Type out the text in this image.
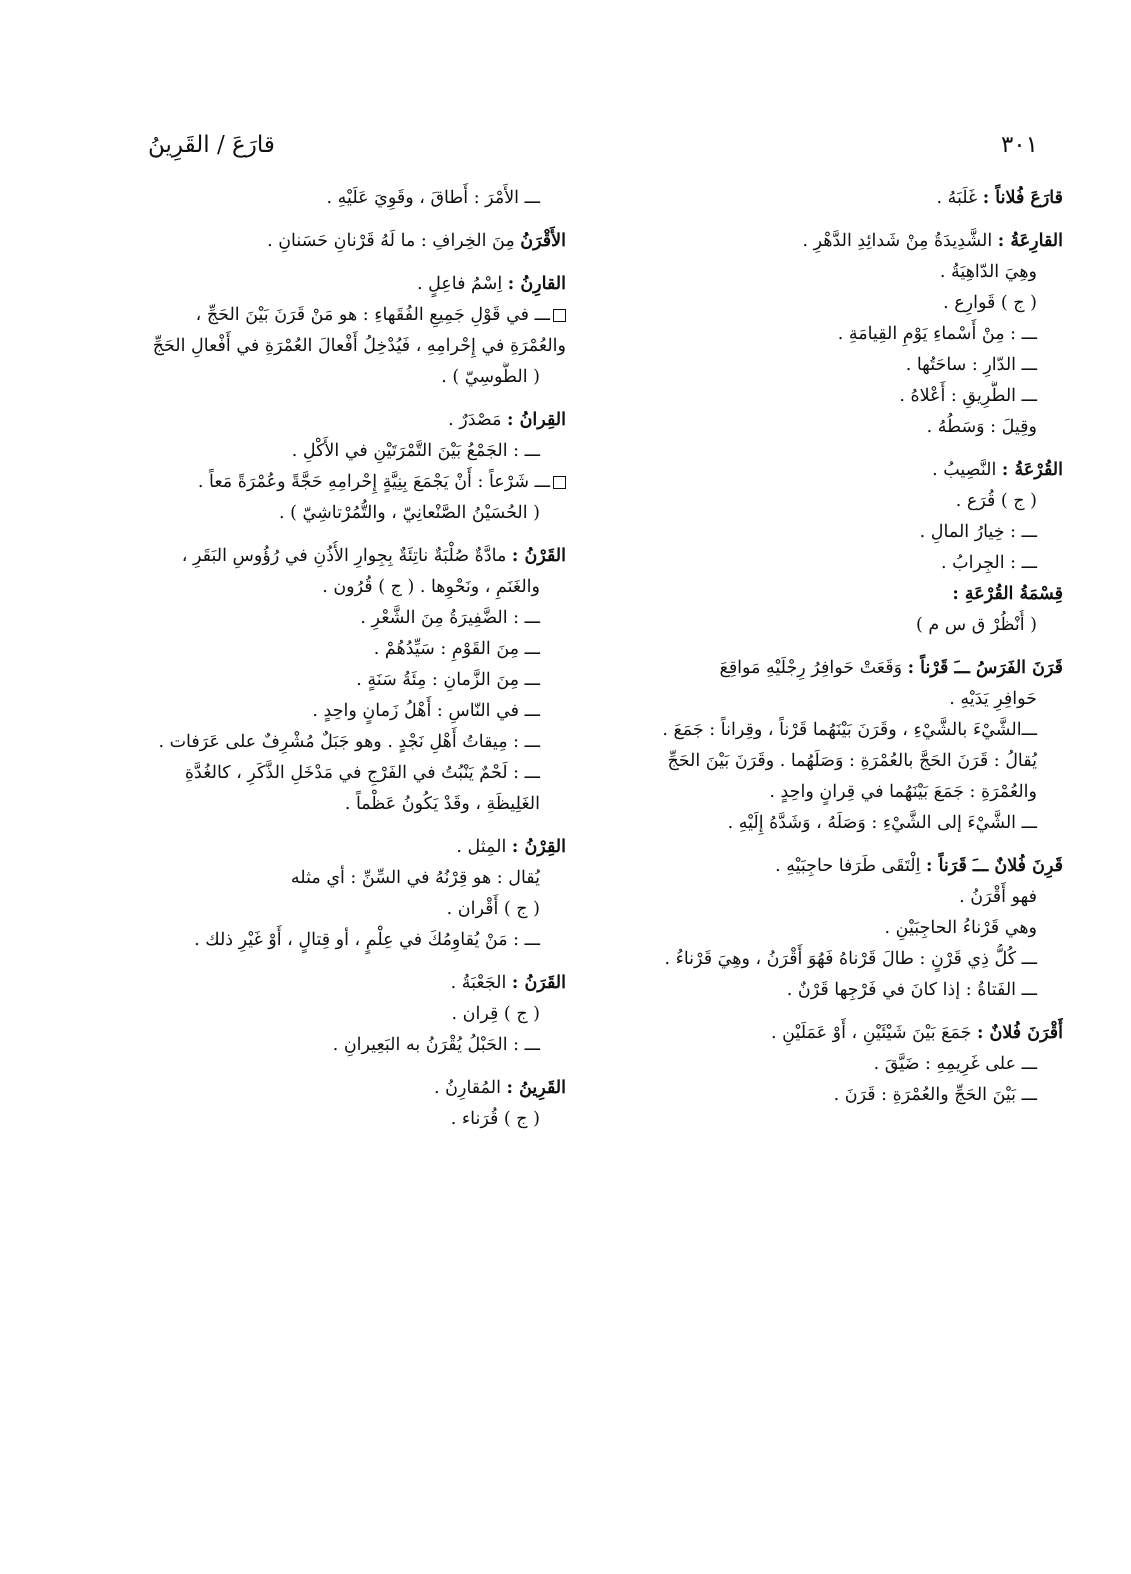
٣٠١
قارَعَ / القَرِينُ
قارَعَ فُلاناً : غَلَبَهُ .
القارِعَةُ : الشَّدِيدَةُ مِنْ شَدائِدِ الدَّهْرِ .
وهِيَ الدّاهِيَةُ .
( ج ) قَوارِع .
ـــ : مِنْ أَسْماءِ يَوْمِ القِيامَةِ .
ـــ الدّارِ : ساحَتُها .
ـــ الطَّرِيقِ : أَعْلاهُ .
وقِيلَ : وَسَطُهُ .
القُرْعَةُ : النَّصِيبُ .
( ج ) قُرَع .
ـــ : خِيارُ المالِ .
ـــ : الجِرابُ .
قِسْمَةُ القُرْعَةِ :
( أُنْظُرْ ق س م )
قَرَنَ الفَرَسُ ـــَ قَرْناً : وَقَعَتْ حَوافِرُ رِجْلَيْهِ مَواقِعَ
حَوافِرِ يَدَيْهِ .
ـــالشَّيْءَ بالشَّيْءِ ، وقَرَنَ بَيْنَهُما قَرْناً ، وقِراناً : جَمَعَ .
يُقالُ : قَرَنَ الحَجَّ بالعُمْرَةِ : وَصَلَهُما . وقَرَنَ بَيْنَ الحَجِّ
والعُمْرَةِ : جَمَعَ بَيْنَهُما في قِرانٍ واحِدٍ .
ـــ الشَّيْءَ إلى الشَّيْءِ : وَصَلَهُ ، وَشَدَّهُ إِلَيْهِ .
قَرِنَ فُلانٌ ـــَ قَرَناً : اِلْتَقَى طَرَفا حاجِبَيْهِ .
فهو أَقْرَنُ .
وهي قَرْناءُ الحاجِبَيْنِ .
ـــ كُلُّ ذِي قَرْنٍ : طالَ قَرْناهُ فَهُوَ أَقْرَنُ ، وهِيَ قَرْناءُ .
ـــ الفَتاةُ : إذا كانَ في فَرْجِها قَرْنٌ .
أَقْرَنَ فُلانٌ : جَمَعَ بَيْنَ شَيْئَيْنِ ، أَوْ عَمَلَيْنِ .
ـــ على غَرِيمِهِ : ضَيَّقَ .
ـــ بَيْنَ الحَجِّ والعُمْرَةِ : قَرَنَ .
ـــ الأَمْرَ : أَطاقَ ، وقَوِيَ عَلَيْهِ .
الأَقْرَنُ مِنَ الخِرافِ : ما لَهُ قَرْنانِ حَسَنانِ .
القارِنُ : اِسْمُ فاعِلٍ .
ـــ في قَوْلِ جَمِيعِ الفُقَهاءِ : هو مَنْ قَرَنَ بَيْنَ الحَجِّ ،
والعُمْرَةِ في إِحْرامِهِ ، فَيُدْخِلُ أَفْعالَ العُمْرَةِ في أَفْعالِ الحَجِّ
( الطُّوسِيّ ) .
القِرانُ : مَصْدَرٌ .
ـــ : الجَمْعُ بَيْنَ التَّمْرَتَيْنِ في الأَكْلِ .
ـــ شَرْعاً : أَنْ يَجْمَعَ بِنِيَّةٍ إِحْرامِهِ حَجَّةً وعُمْرَةً مَعاً .
( الحُسَيْنُ الصَّنْعانِيّ ، والتُّمُرْتاشِيّ ) .
القَرْنُ : مادَّةٌ صُلْبَةٌ ناتِئَةٌ بِجِوارِ الأُذُنِ في رُؤُوسِ البَقَرِ ،
والغَنَمِ ، ونَحْوِها . ( ج ) قُرُون .
ـــ : الضَّفِيرَةُ مِنَ الشَّعْرِ .
ـــ مِنَ القَوْمِ : سَيِّدُهُمْ .
ـــ مِنَ الزَّمانِ : مِئَةُ سَنَةٍ .
ـــ في النّاسِ : أَهْلُ زَمانٍ واحِدٍ .
ـــ : مِيقاتُ أَهْلِ نَجْدٍ . وهو جَبَلٌ مُشْرِفٌ على عَرَفات .
ـــ : لَحْمٌ يَنْبُتُ في الفَرْجِ في مَدْخَلِ الذَّكَرِ ، كالغُدَّةِ
الغَلِيظَةِ ، وقَدْ يَكُونُ عَظْماً .
القِرْنُ : المِثل .
يُقال : هو قِرْنُهُ في السِّنِّ : أي مثله
( ج ) أَقْران .
ـــ : مَنْ يُقاوِمُكَ في عِلْمٍ ، أو قِتالٍ ، أَوْ غَيْرِ ذلك .
القَرَنُ : الجَعْبَةُ .
( ج ) قِران .
ـــ : الحَبْلُ يُقْرَنُ به البَعِيرانِ .
القَرِينُ : المُقارِنُ .
( ج ) قُرَناء .
